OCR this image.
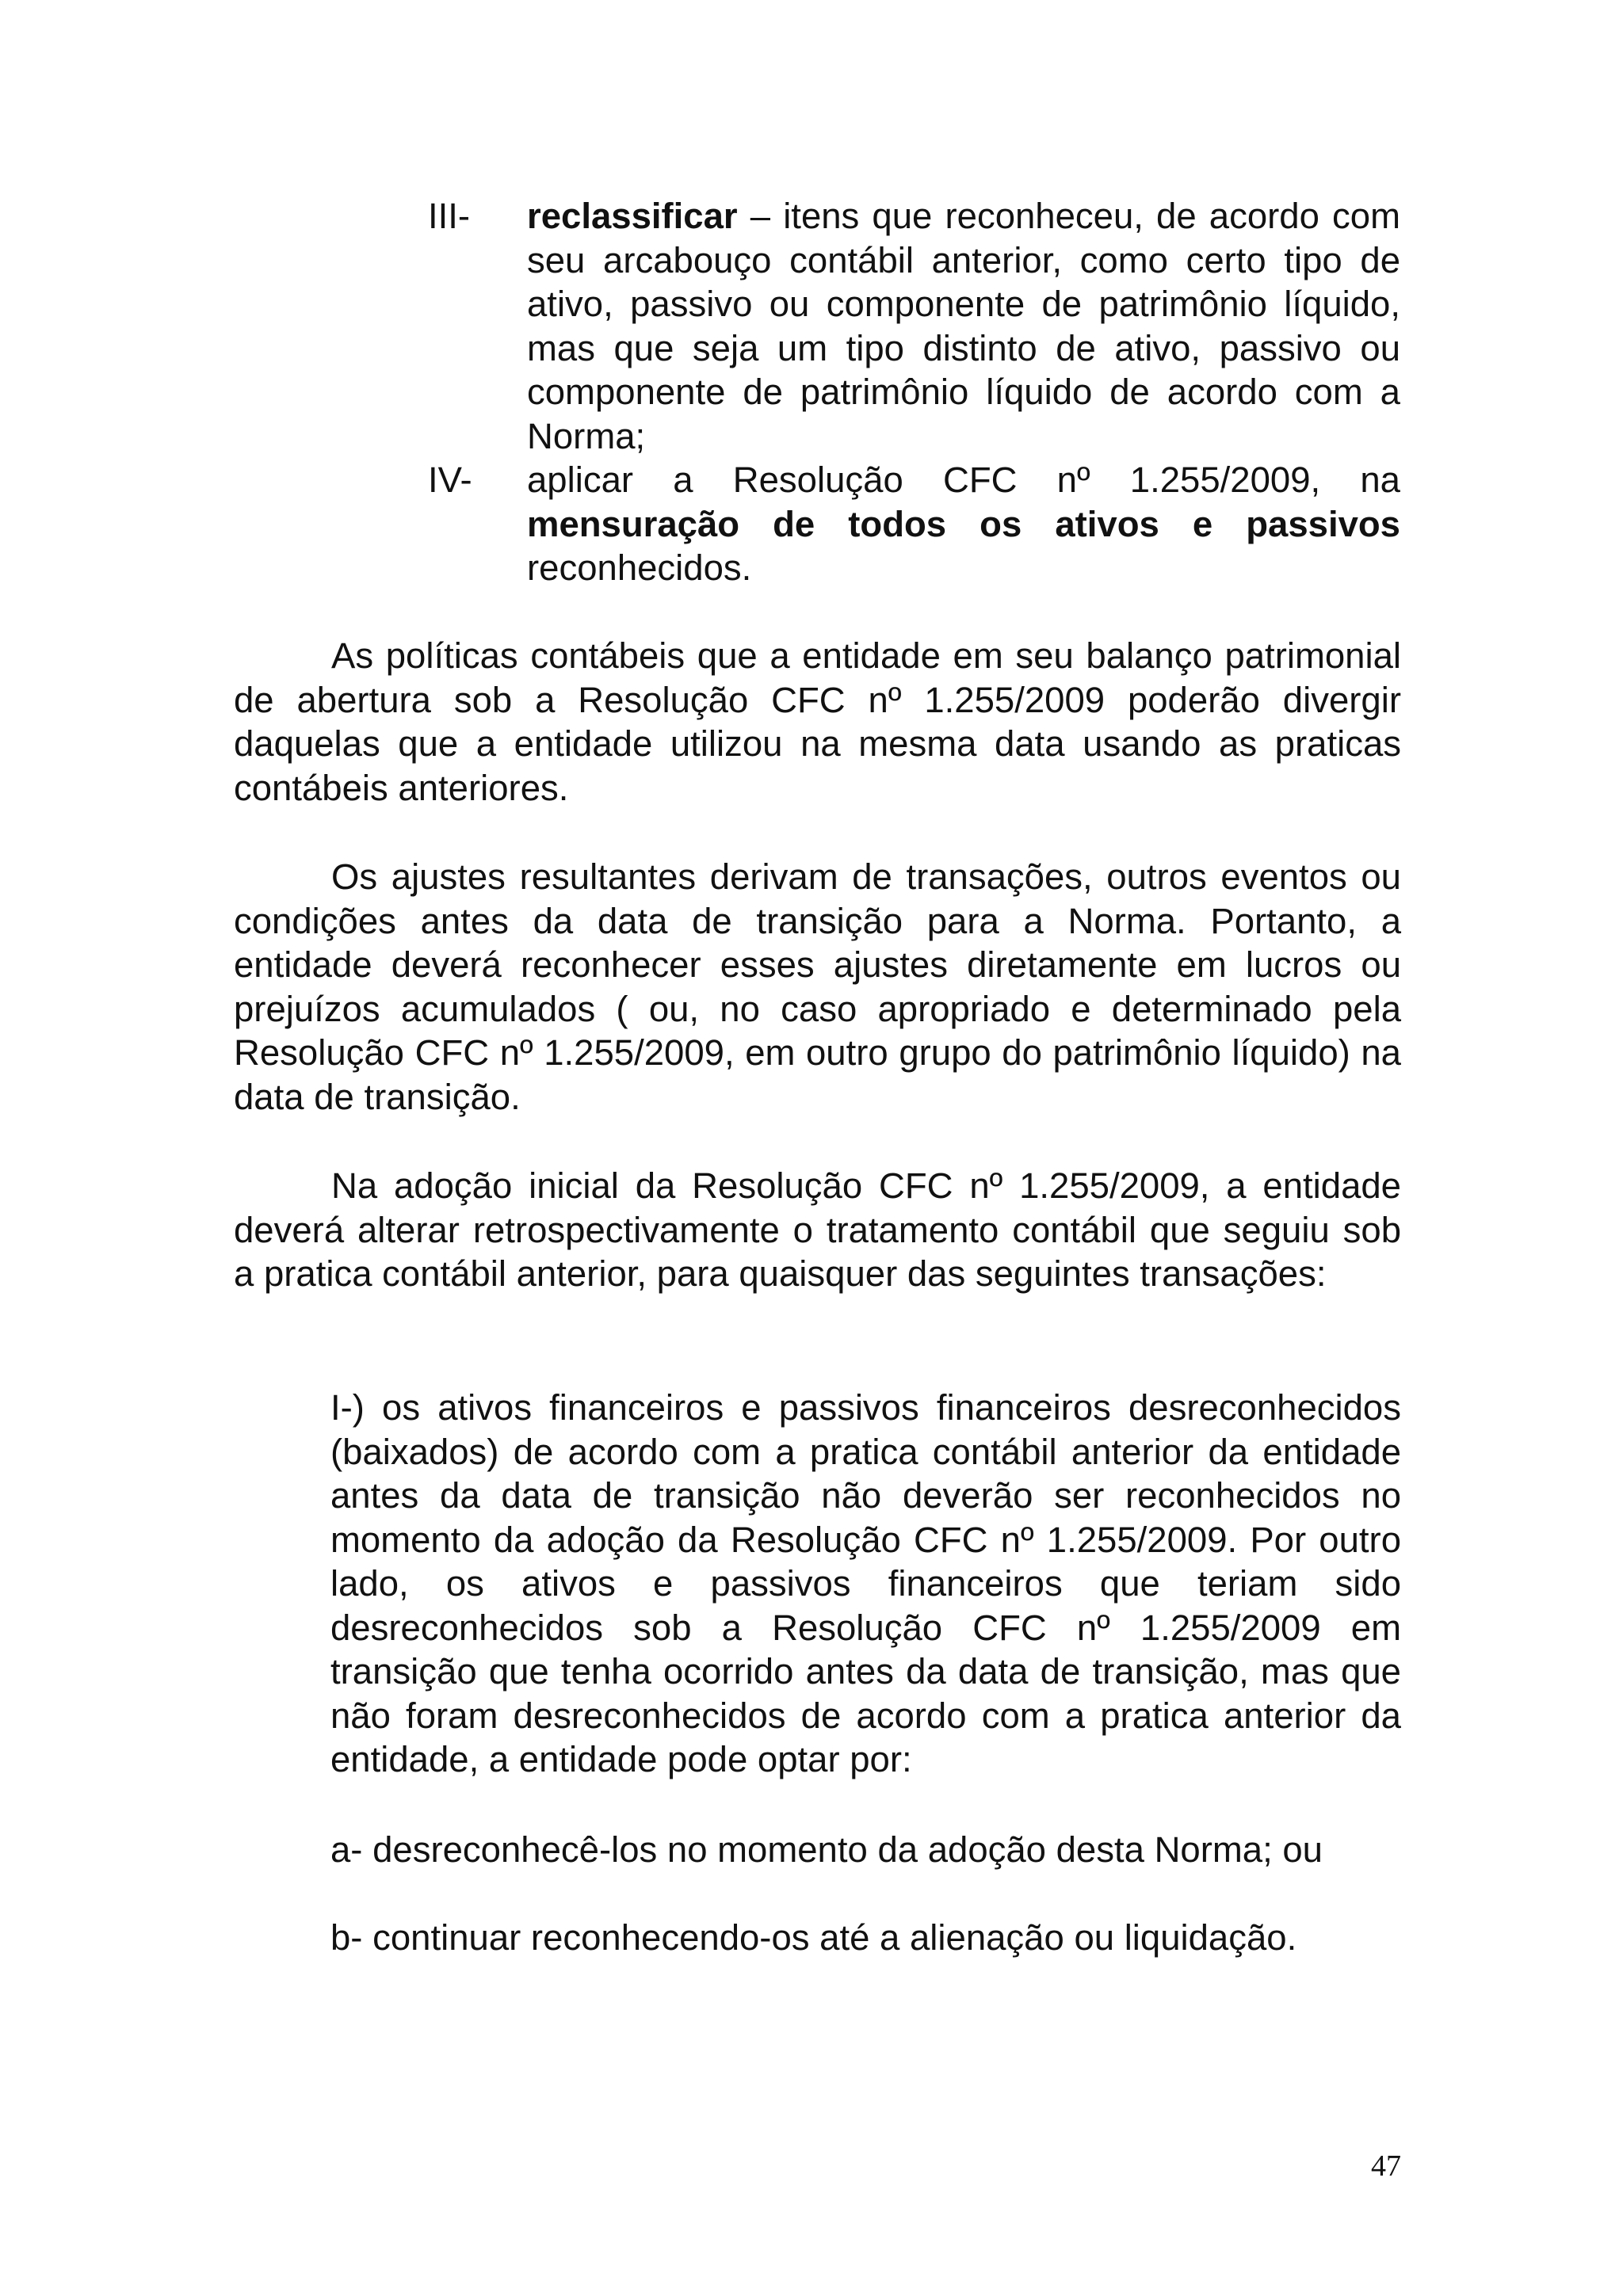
III- reclassificar – itens que reconheceu, de acordo com seu arcabouço contábil anterior, como certo tipo de ativo, passivo ou componente de patrimônio líquido, mas que seja um tipo distinto de ativo, passivo ou componente de patrimônio líquido de acordo com a Norma;

IV- aplicar a Resolução CFC nº 1.255/2009, na mensuração de todos os ativos e passivos reconhecidos.

As políticas contábeis que a entidade em seu balanço patrimonial de abertura sob a Resolução CFC nº 1.255/2009 poderão divergir daquelas que a entidade utilizou na mesma data usando as praticas contábeis anteriores.

Os ajustes resultantes derivam de transações, outros eventos ou condições antes da data de transição para a Norma. Portanto, a entidade deverá reconhecer esses ajustes diretamente em lucros ou prejuízos acumulados ( ou, no caso apropriado e determinado pela Resolução CFC nº 1.255/2009, em outro grupo do patrimônio líquido) na data de transição.

Na adoção inicial da Resolução CFC nº 1.255/2009, a entidade deverá alterar retrospectivamente o tratamento contábil que seguiu sob a pratica contábil anterior, para quaisquer das seguintes transações:

I-) os ativos financeiros e passivos financeiros desreconhecidos (baixados) de acordo com a pratica contábil anterior da entidade antes da data de transição não deverão ser reconhecidos no momento da adoção da Resolução CFC nº 1.255/2009. Por outro lado, os ativos e passivos financeiros que teriam sido desreconhecidos sob a Resolução CFC nº 1.255/2009 em transição que tenha ocorrido antes da data de transição, mas que não foram desreconhecidos de acordo com a pratica anterior da entidade, a entidade pode optar por:

a- desreconhecê-los no momento da adoção desta Norma; ou
b- continuar reconhecendo-os até a alienação ou liquidação.
47
